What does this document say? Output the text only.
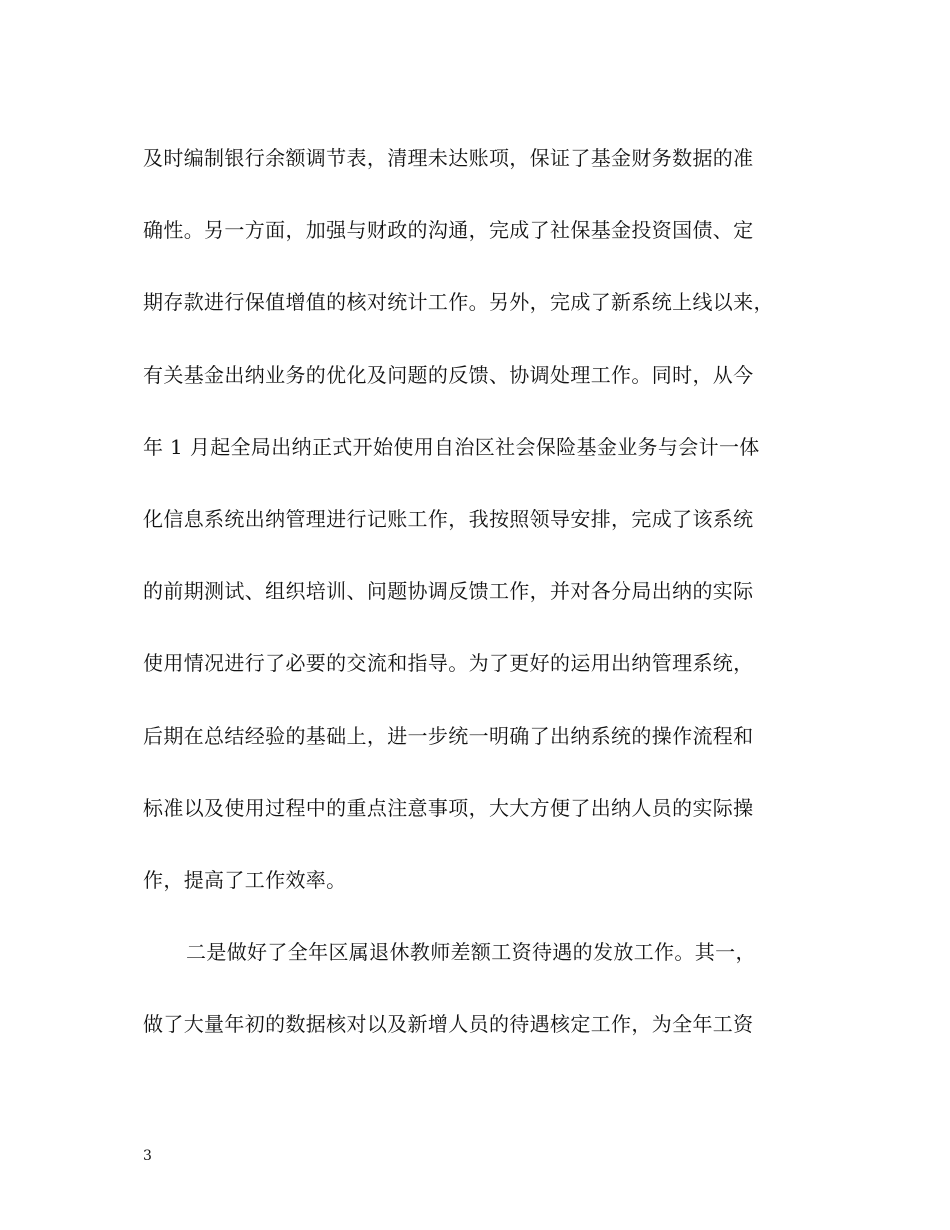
及时编制银行余额调节表，清理未达账项，保证了基金财务数据的准
确性。另一方面，加强与财政的沟通，完成了社保基金投资国债、定
期存款进行保值增值的核对统计工作。另外，完成了新系统上线以来，
有关基金出纳业务的优化及问题的反馈、协调处理工作。同时，从今
年 1 月起全局出纳正式开始使用自治区社会保险基金业务与会计一体
化信息系统出纳管理进行记账工作，我按照领导安排，完成了该系统
的前期测试、组织培训、问题协调反馈工作，并对各分局出纳的实际
使用情况进行了必要的交流和指导。为了更好的运用出纳管理系统，
后期在总结经验的基础上，进一步统一明确了出纳系统的操作流程和
标准以及使用过程中的重点注意事项，大大方便了出纳人员的实际操
作，提高了工作效率。
二是做好了全年区属退休教师差额工资待遇的发放工作。其一，
做了大量年初的数据核对以及新增人员的待遇核定工作，为全年工资
3
